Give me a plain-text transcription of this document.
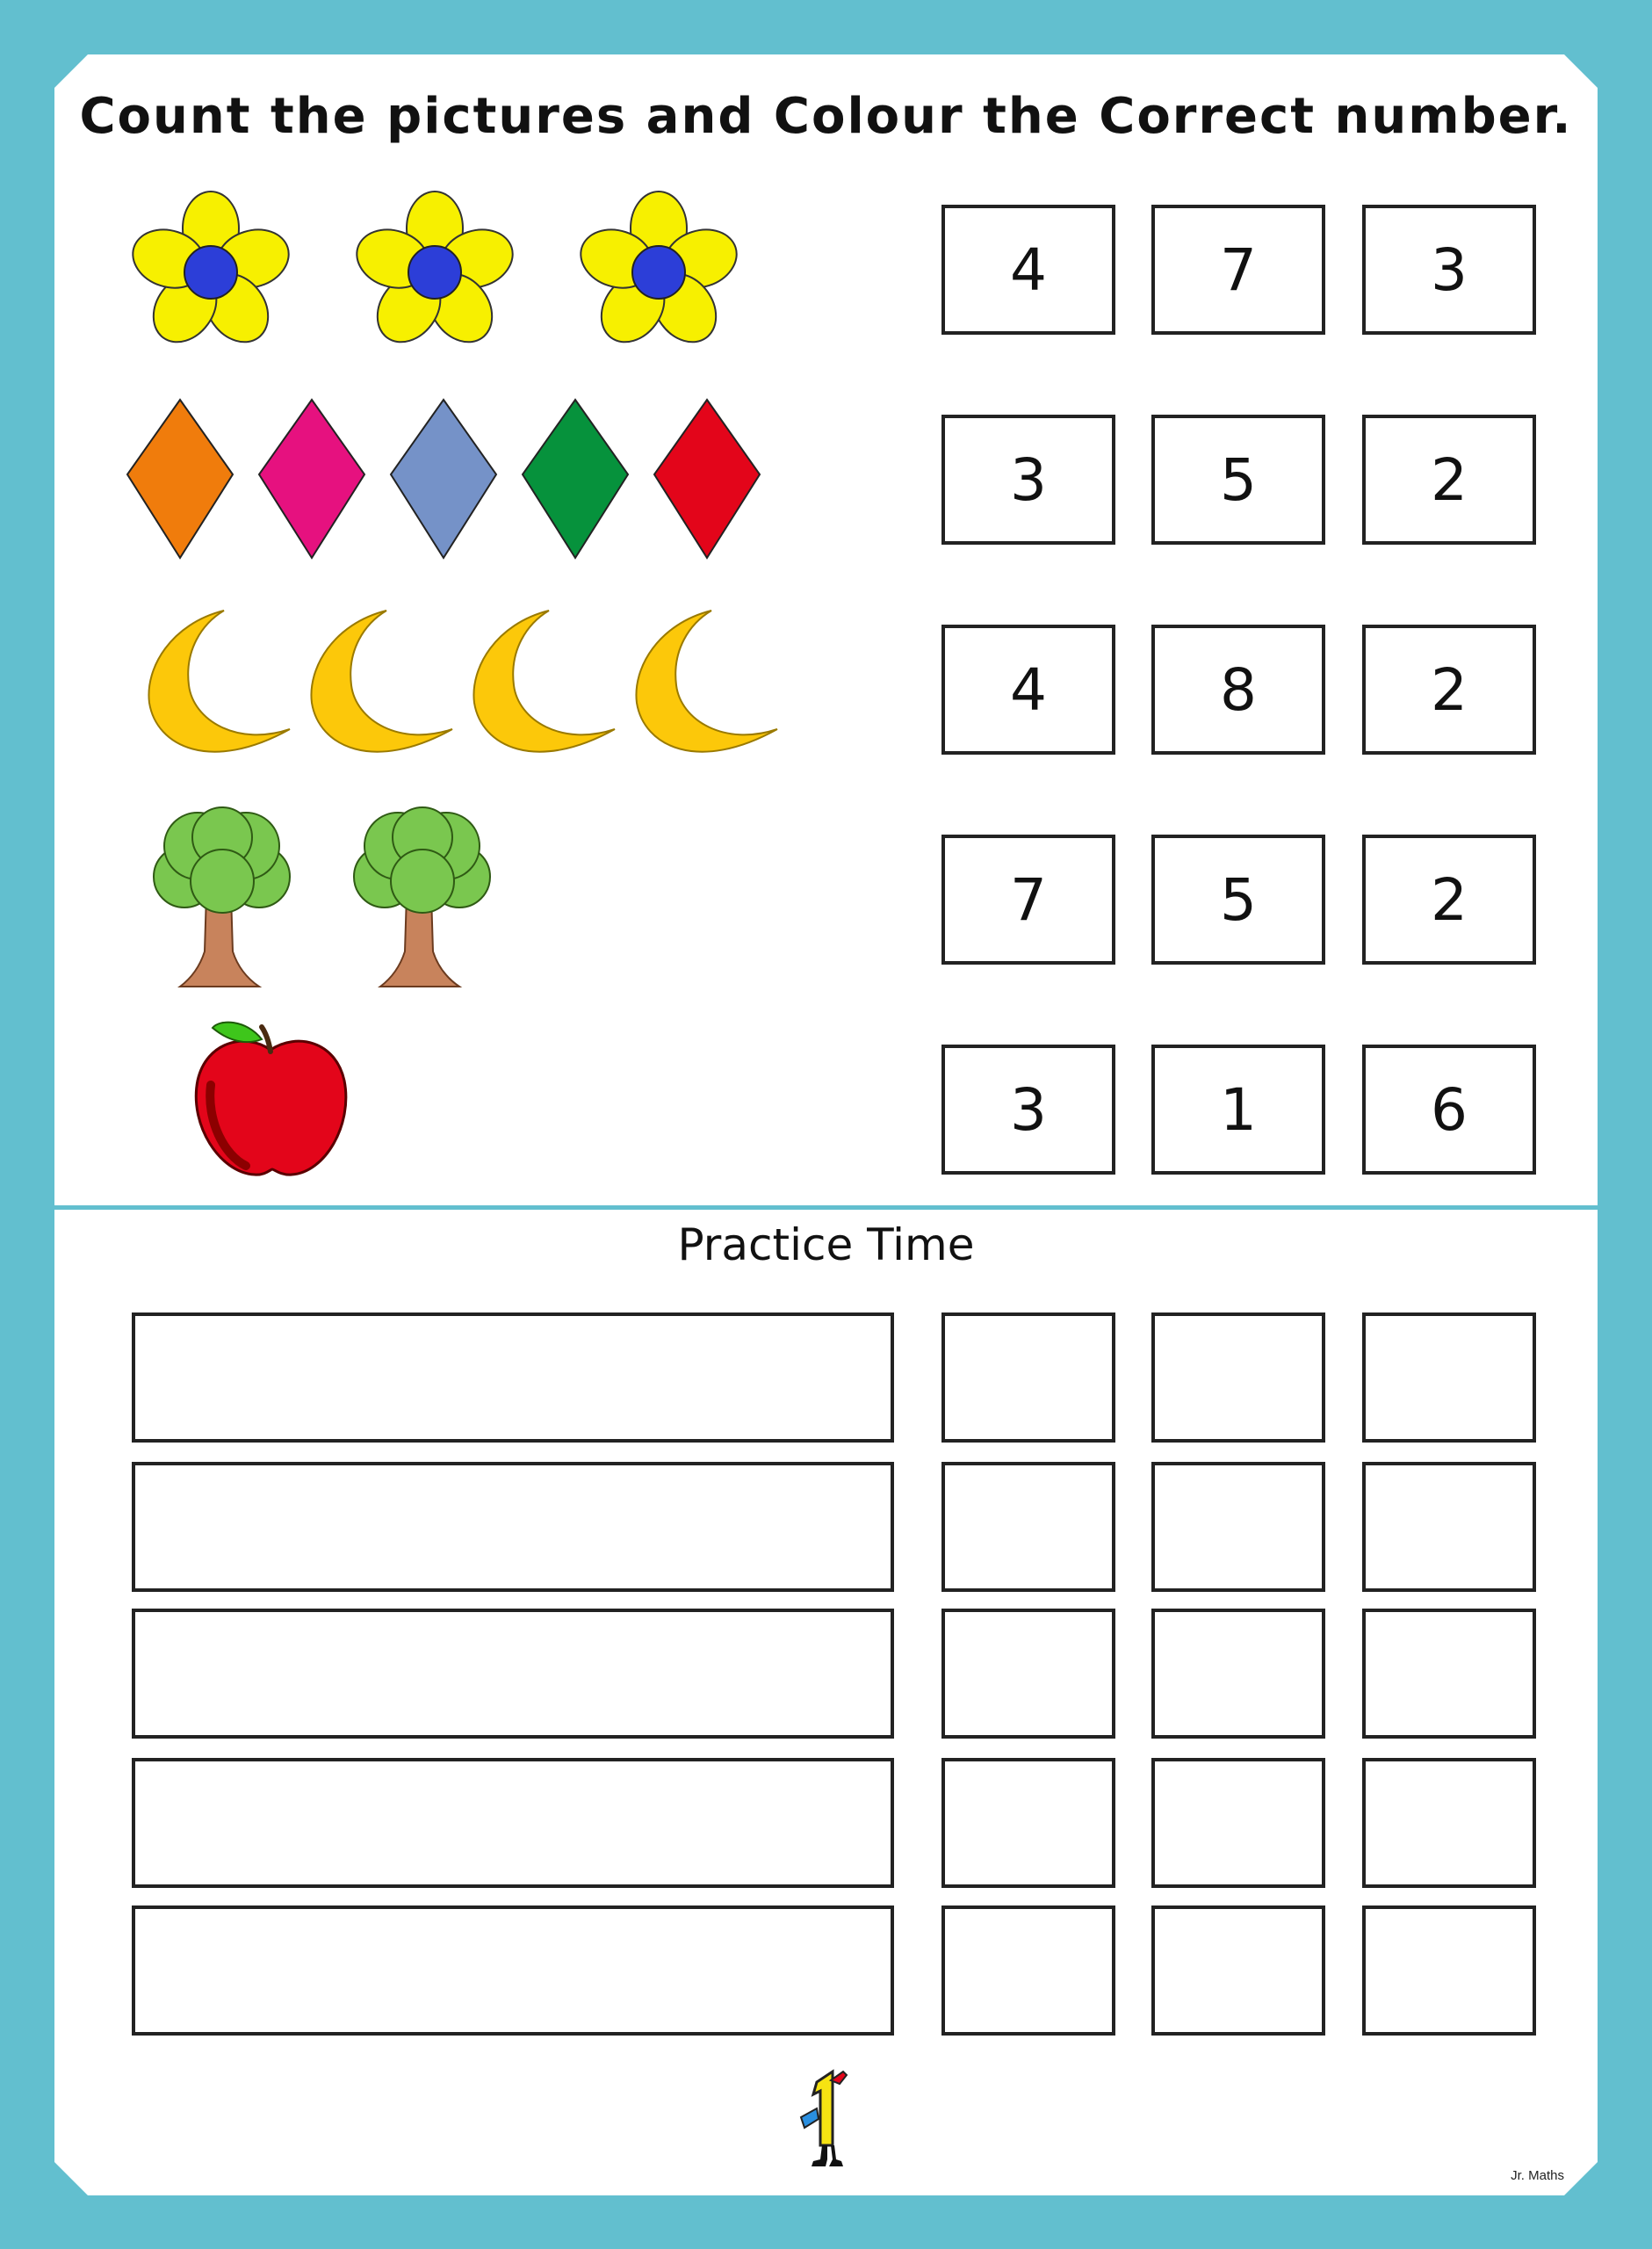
Count the pictures and Colour the Correct number.
4	7	3
3	5	2
4	8	2
7	5	2
3	1	6
Practice Time
Jr. Maths
